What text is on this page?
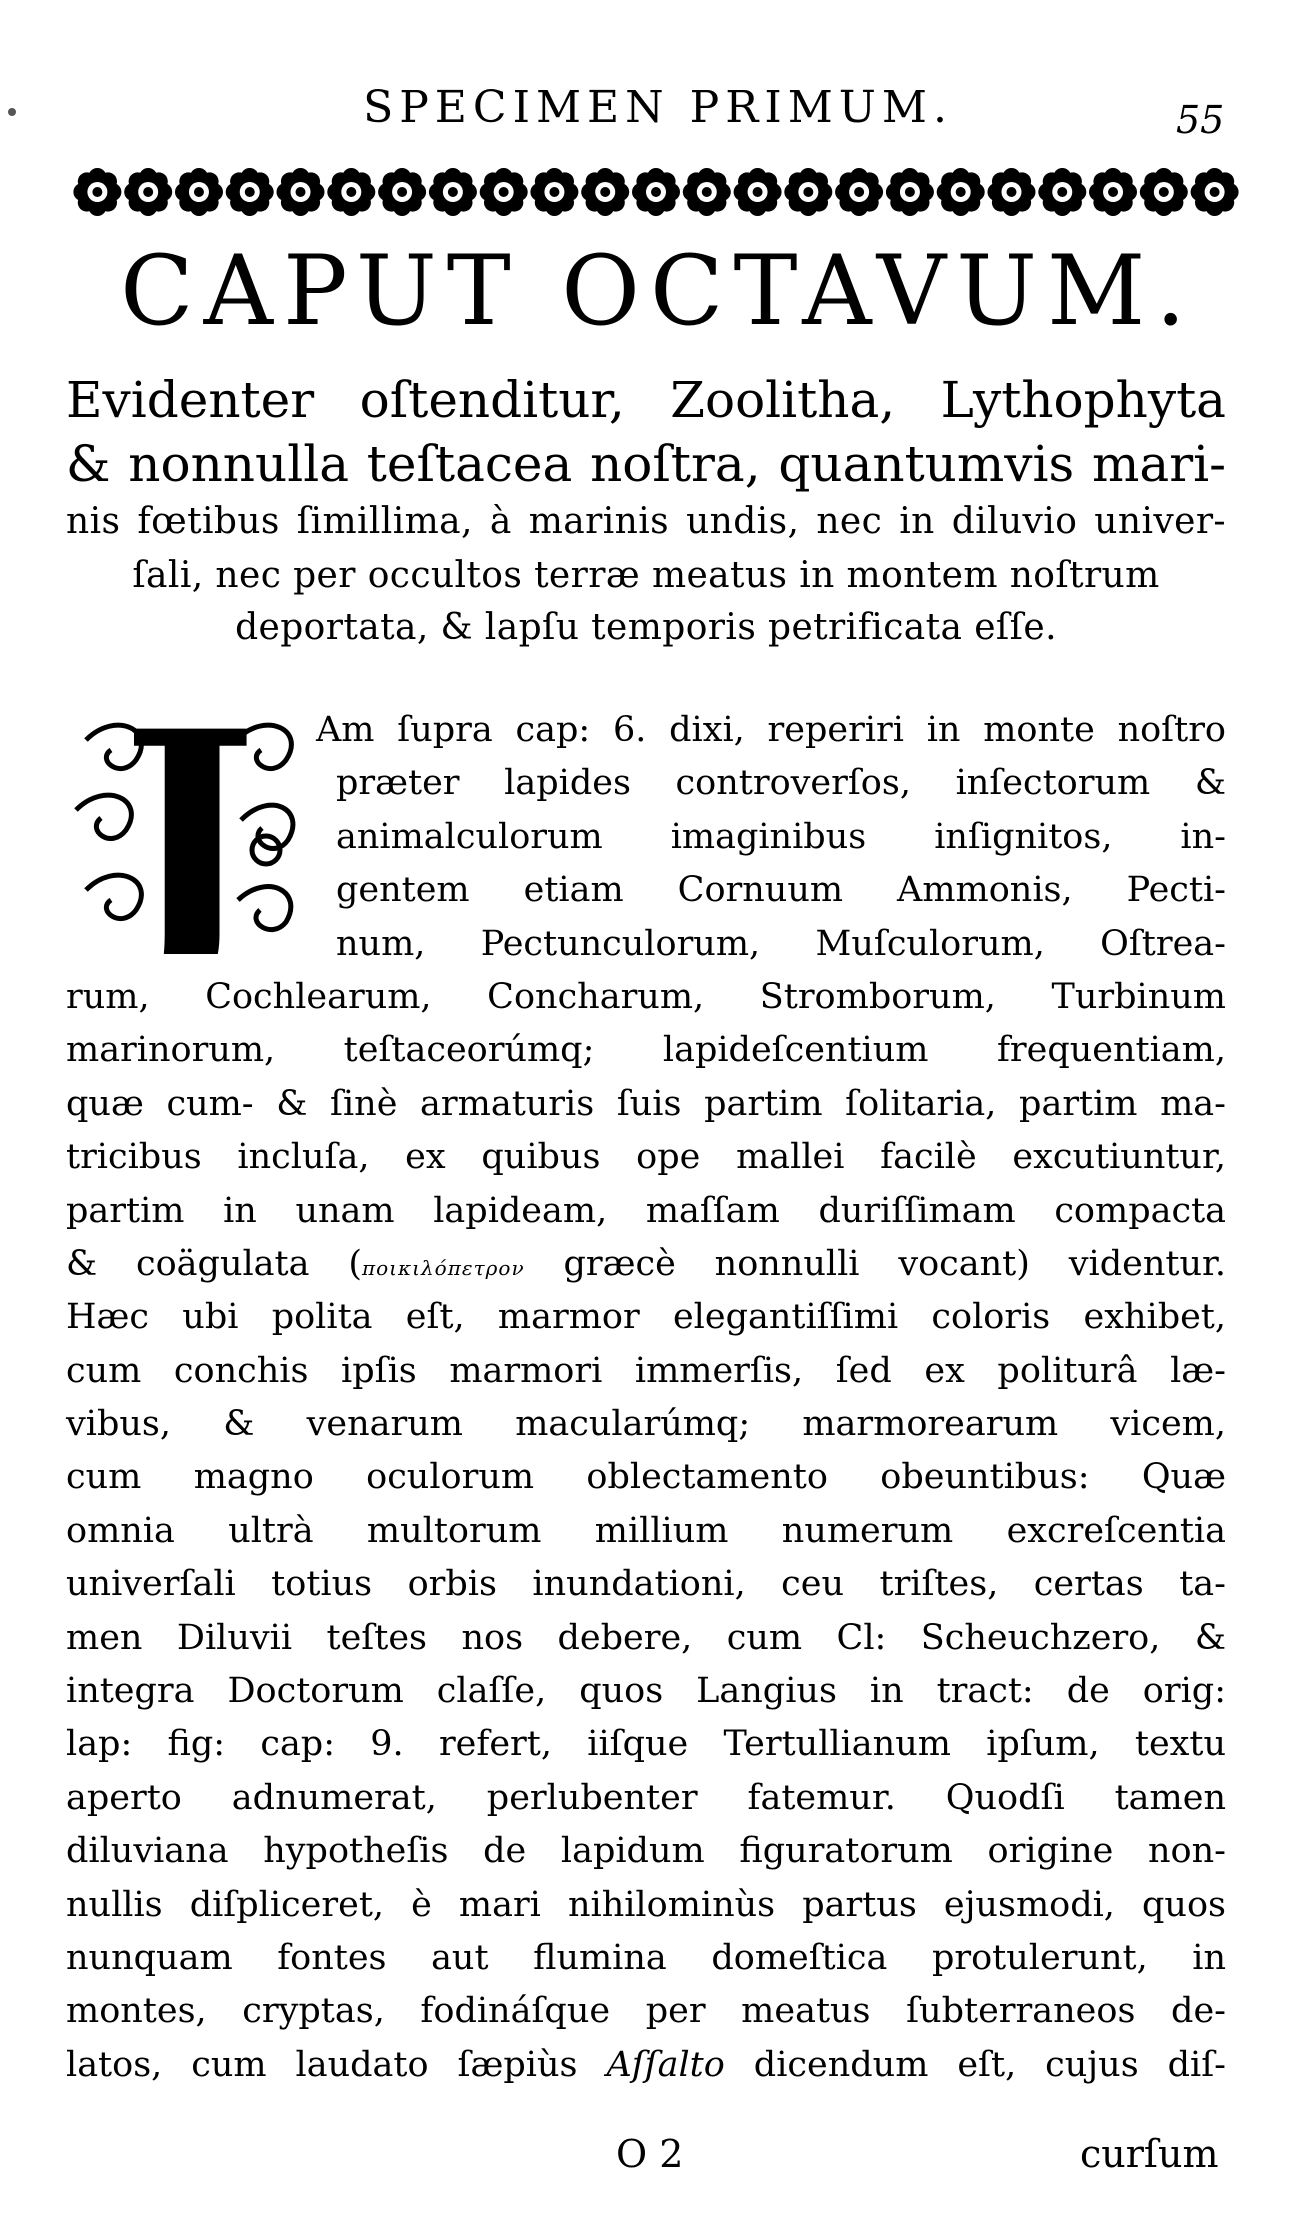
SPECIMEN PRIMUM.	55
CAPUT OCTAVUM.
Evidenter oſtenditur, Zoolitha, Lythophyta
& nonnulla teſtacea noſtra, quantumvis mari-
nis fœtibus ſimillima, à marinis undis, nec in diluvio univer-
ſali, nec per occultos terræ meatus in montem noſtrum
deportata, & lapſu temporis petrificata eſſe.
J Am ſupra cap: 6. dixi, reperiri in monte noſtro
præter lapides controverſos, inſectorum &
animalculorum imaginibus inſignitos, in-
gentem etiam Cornuum Ammonis, Pecti-
num, Pectunculorum, Muſculorum, Oſtrea-
rum, Cochlearum, Concharum, Stromborum, Turbinum
marinorum, teſtaceorúmq; lapideſcentium frequentiam,
quæ cum- & ſinè armaturis ſuis partim ſolitaria, partim ma-
tricibus incluſa, ex quibus ope mallei facilè excutiuntur,
partim in unam lapideam, maſſam duriſſimam compacta
& coägulata (ποικιλόπετρον græcè nonnulli vocant) videntur.
Hæc ubi polita eſt, marmor elegantiſſimi coloris exhibet,
cum conchis ipſis marmori immerſis, ſed ex politurâ læ-
vibus, & venarum macularúmq; marmorearum vicem,
cum magno oculorum oblectamento obeuntibus: Quæ
omnia ultrà multorum millium numerum excreſcentia
univerſali totius orbis inundationi, ceu triſtes, certas ta-
men Diluvii teſtes nos debere, cum Cl: Scheuchzero, &
integra Doctorum claſſe, quos Langius in tract: de orig:
lap: fig: cap: 9. refert, iiſque Tertullianum ipſum, textu
aperto adnumerat, perlubenter fatemur. Quodſi tamen
diluviana hypotheſis de lapidum figuratorum origine non-
nullis diſpliceret, è mari nihilominùs partus ejusmodi, quos
nunquam fontes aut flumina domeſtica protulerunt, in
montes, cryptas, fodináſque per meatus ſubterraneos de-
latos, cum laudato ſæpiùs Aſſalto dicendum eſt, cujus diſ-
O 2	curſum
